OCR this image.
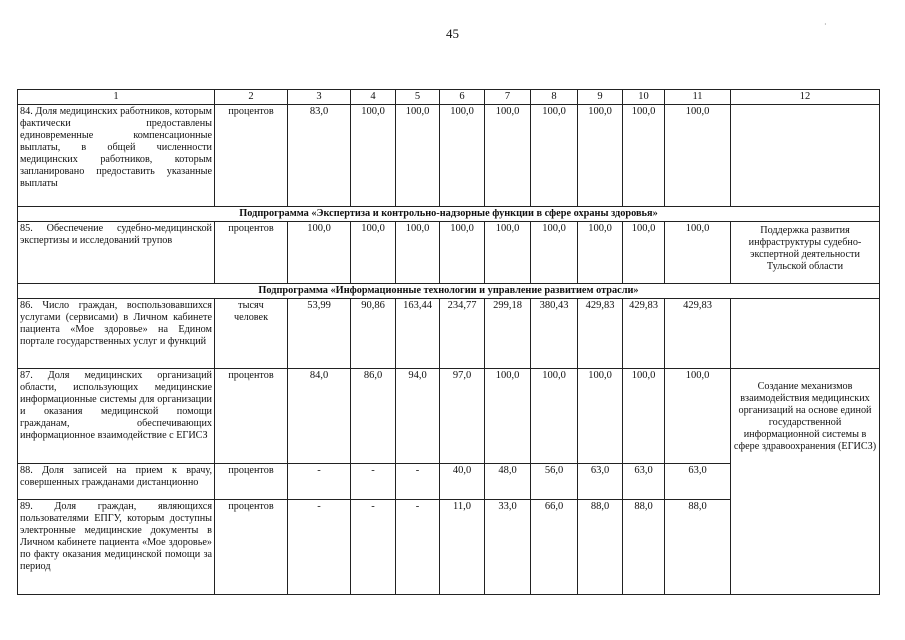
45
·
1	2	3	4	5	6	7	8	9	10	11	12
84. Доля медицинских работников, которым фактически предоставлены единовременные компенсационные выплаты, в общей численности медицинских работников, которым запланировано предоставить указанные выплаты	процентов	83,0	100,0	100,0	100,0	100,0	100,0	100,0	100,0	100,0	
Подпрограмма «Экспертиза и контрольно-надзорные функции в сфере охраны здоровья»											
85. Обеспечение судебно-медицинской экспертизы и исследований трупов	процентов	100,0	100,0	100,0	100,0	100,0	100,0	100,0	100,0	100,0	Поддержка развития инфраструктуры судебно-экспертной деятельности Тульской области
Подпрограмма «Информационные технологии и управление развитием отрасли»											
86. Число граждан, воспользовавшихся услугами (сервисами) в Личном кабинете пациента «Мое здоровье» на Едином портале государственных услуг и функций	тысяч человек	53,99	90,86	163,44	234,77	299,18	380,43	429,83	429,83	429,83	
87. Доля медицинских организаций области, использующих медицинские информационные системы для организации и оказания медицинской помощи гражданам, обеспечивающих информационное взаимодействие с ЕГИСЗ	процентов	84,0	86,0	94,0	97,0	100,0	100,0	100,0	100,0	100,0	Создание механизмов взаимодействия медицинских организаций на основе единой государственной информационной системы в сфере здравоохранения (ЕГИСЗ)
88. Доля записей на прием к врачу, совершенных гражданами дистанционно	процентов	-	-	-	40,0	48,0	56,0	63,0	63,0	63,0	
89. Доля граждан, являющихся пользователями ЕПГУ, которым доступны электронные медицинские документы в Личном кабинете пациента «Мое здоровье» по факту оказания медицинской помощи за период	процентов	-	-	-	11,0	33,0	66,0	88,0	88,0	88,0	
